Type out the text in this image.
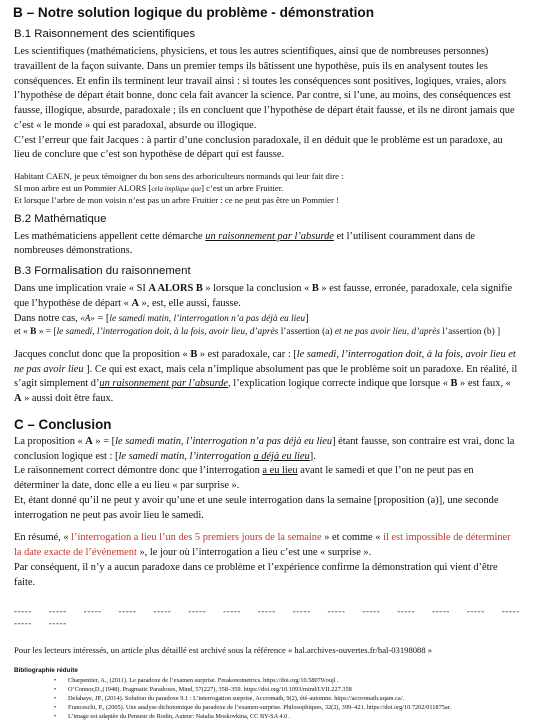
B – Notre solution logique du problème - démonstration
B.1 Raisonnement des scientifiques

Les scientifiques (mathématiciens, physiciens, et tous les autres scientifiques, ainsi que de nombreuses personnes) travaillent de la façon suivante. Dans un premier temps ils bâtissent une hypothèse, puis ils en analysent toutes les conséquences. Et enfin ils terminent leur travail ainsi : si toutes les conséquences sont positives, logiques, vraies, alors l’hypothèse de départ était bonne, donc cela fait avancer la science. Par contre, si l’une, au moins, des conséquences est fausse, illogique, absurde, paradoxale ; ils en concluent que l’hypothèse de départ était fausse, et ils ne diront jamais que c’est « le monde » qui est paradoxal, absurde ou illogique.

C’est l’erreur que fait Jacques : à partir d’une conclusion paradoxale, il en déduit que le problème est un paradoxe, au lieu de conclure que c’est son hypothèse de départ qui est fausse.

Habitant CAEN, je peux témoigner du bon sens des arboriculteurs normands qui leur fait dire :
SI mon arbre est un Pommier ALORS [cela implique que] c’est un arbre Fruitier.
Et lorsque l’arbre de mon voisin n’est pas un arbre Fruitier : ce ne peut pas être un Pommier !
B.2 Mathématique

Les mathématiciens appellent cette démarche un raisonnement par l’absurde et l’utilisent couramment dans de nombreuses démonstrations.

B.3 Formalisation du raisonnement

Dans une implication vraie « SI A ALORS B » lorsque la conclusion « B » est fausse, erronée, paradoxale, cela signifie que l’hypothèse de départ « A », est, elle aussi, fausse.

Dans notre cas, «A» = [le samedi matin, l’interrogation n’a pas déjà eu lieu]

et « B » = [le samedi, l’interrogation doit, à la fois, avoir lieu, d’après l’assertion (a) et ne pas avoir lieu, d’après l’assertion (b) ]

Jacques conclut donc que la proposition « B » est paradoxale, car : [le samedi, l’interrogation doit, à la fois, avoir lieu et ne pas avoir lieu ]. Ce qui est exact, mais cela n’implique absolument pas que le problème soit un paradoxe. En réalité, il s’agit simplement d’un raisonnement par l’absurde, l’explication logique correcte indique que lorsque « B » est faux, « A » aussi doit être faux.

C – Conclusion

La proposition « A » = [le samedi matin, l’interrogation n’a pas déjà eu lieu] étant fausse, son contraire est vrai, donc la conclusion logique est : [le samedi matin, l’interrogation a déjà eu lieu].

Le raisonnement correct démontre donc que l’interrogation a eu lieu avant le samedi et que l’on ne peut pas en déterminer la date, donc elle a eu lieu « par surprise ».

Et, étant donné qu’il ne peut y avoir qu’une et une seule interrogation dans la semaine [proposition (a)], une seconde interrogation ne peut pas avoir lieu le samedi.

En résumé, « l’interrogation a lieu l’un des 5 premiers jours de la semaine » et comme « il est impossible de déterminer la date exacte de l’événement », le jour où l’interrogation a lieu c’est une « surprise ».

Par conséquent, il n’y a aucun paradoxe dans ce problème et l’expérience confirme la démonstration qui vient d’être faite.

----- ----- ----- ----- ----- ----- ----- ----- ----- ----- ----- ----- ----- ----- ----- ----- -----

Pour les lecteurs intéressés, un article plus détaillé est archivé sous la référence « hal.archives-ouvertes.fr/hal-03198088 »

Bibliographie réduite
• Charpentier, A., (2011). Le paradoxe de l’examen surprise. Freakonometrics. https://doi.org/10.58079/oujl .
• O’Connor,D.,(1948). Pragmatic Paradoxes, Mind, 57(227), 358–359. https://doi.org/10.1093/mind/LVII.227.358
• Delahaye, JP., (2014). Solution du paradoxe 9.1 : L’interrogation surprise, Accromath, 9(2), été-automne. https://accromath.uqam.ca/.
• Franceschi, P., (2005). Une analyse dichotomique du paradoxe de l’examen-surprise. Philosophiques, 32(2), 399–421. https://doi.org/10.7202/011875ar.
• L’image est adaptée du Penseur de Rodin, Auteur: Natalia Moskovkina, CC BY-SA 4.0 .
